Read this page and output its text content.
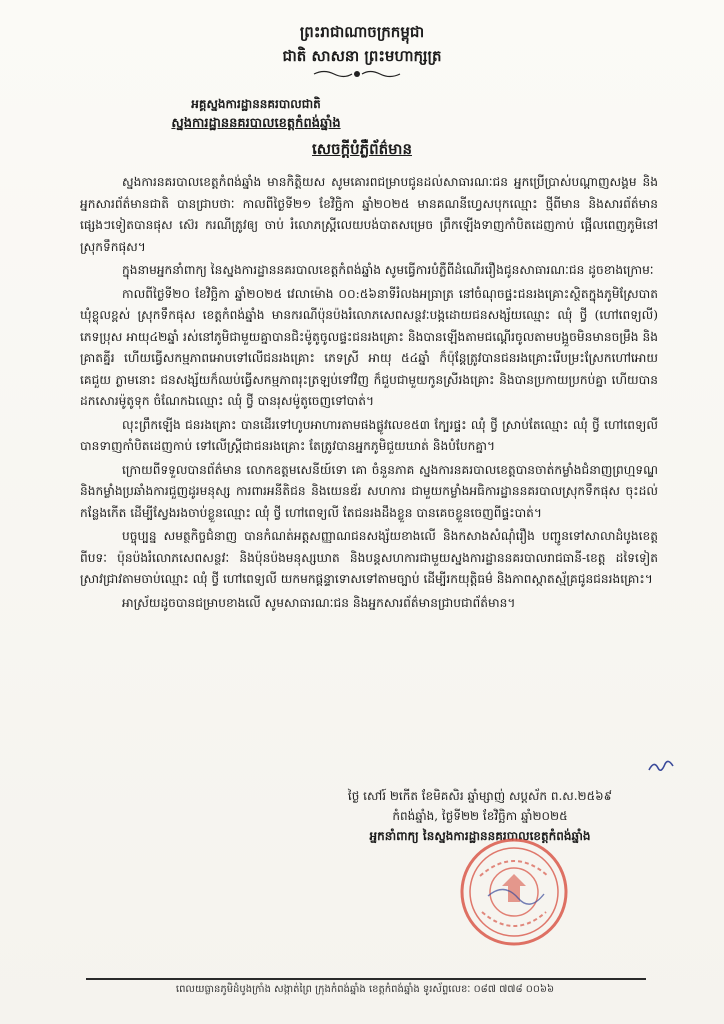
ព្រះរាជាណាចក្រកម្ពុជា
ជាតិ សាសនា ព្រះមហាក្សត្រ
អគ្គស្នងការដ្ឋាននគរបាលជាតិ
ស្នងការដ្ឋាននគរបាលខេត្តកំពង់ឆ្នាំង
សេចក្តីបំភ្លឺព័ត៌មាន

ស្នងការនគរបាលខេត្តកំពង់ឆ្នាំង មានកិត្តិយស សូមគោរពជម្រាបជូនដល់សាធារណៈជន អ្នកប្រើប្រាស់បណ្តាញសង្គម និងអ្នកសារព័ត៌មានជាតិ បានជ្រាបថាៈ កាលពីថ្ងៃទី២១ ខែវិច្ឆិកា ឆ្នាំ២០២៥ មានគណនីហ្វេសបុកឈ្មោះ ថ្មីពីមាន និងសារព័ត៌មានផ្សេងៗទៀតបានផុស ស៊េរ ករណីត្រូវឲ្យ ចាប់ រំលោភស្ត្រីលេយបង់បាតសម្រេច ព្រឹកឡើងទាញកាំបិតដេញកាប់ ផ្អើលពេញភូមិនៅស្រុកទឹកផុស។

ក្នុងនាមអ្នកនាំពាក្យ នៃស្នងការដ្ឋាននគរបាលខេត្តកំពង់ឆ្នាំង សូមធ្វើការបំភ្លឺពីដំណើររឿងជូនសាធារណៈជន ដូចខាងក្រោមៈ

កាលពីថ្ងៃទី២០ ខែវិច្ឆិកា ឆ្នាំ២០២៥ វេលាម៉ោង ០០:៥៦នាទីរំលងអធ្រាត្រ នៅចំណុចផ្ទះជនរងគ្រោះស្ថិតក្នុងភូមិស្រែបាត ឃុំខ្លុលខ្ពស់ ស្រុកទឹកផុស ខេត្តកំពង់ឆ្នាំង មានករណីប៉ុនប៉ងរំលោភសេពសន្ថវៈបង្កដោយជនសង្ស័យឈ្មោះ ឈុំ ថ្វី (ហៅពេទ្យលី) ភេទប្រុស អាយុ៤២ឆ្នាំ រស់នៅភូមិជាមួយគ្នាបានជិះម៉ូតូចូលផ្ទះជនរងគ្រោះ និងបានឡើងតាមជណ្តើរចូលតាមបង្អួចមិនមានចម្រឹង និងគ្រាតគ្នីរ ហើយធ្វើសកម្មភាពអោបទៅលើជនរងគ្រោះ ភេទស្រី អាយុ ៥៤ឆ្នាំ ក៏ប៉ុន្តែត្រូវបានជនរងគ្រោះរើបម្រះស្រែកហៅអោយគេជួយ ភ្លាមនោះ ជនសង្ស័យក៏ឈប់ធ្វើសកម្មភាពរុះត្រឡប់ទៅវិញ ក៏ជួបជាមួយកូនស្រីរងគ្រោះ និងបានប្រកាយប្រកប់គ្នា ហើយបានដកសោរម៉ូតូទុក ចំណែកឯឈ្មោះ ឈុំ ថ្វី បានរុសម៉ូតូចេញទៅបាត់។

លុះព្រឹកឡើង ជនរងគ្រោះ បានដើរទៅហូបអាហារតាមផងផ្លូវលេខ៥៣ ក្បែរផ្ទះ ឈុំ ថ្វី ស្រាប់តែឈ្មោះ ឈុំ ថ្វី ហៅពេទ្យលី បានទាញកាំបិតដេញកាប់ ទៅលើស្ត្រីជាជនរងគ្រោះ តែត្រូវបានអ្នកភូមិជួយឃាត់ និងបំបែកគ្នា។

ក្រោយពីទទួលបានព័ត៌មាន លោកឧត្តមសេនីយ៍ទោ គោ ចំនួនភាគ ស្នងការនគរបាលខេត្តបានចាត់កម្លាំងជំនាញព្រហ្មទណ្ឌ និងកម្លាំងប្រឆាំងការជួញដូរមនុស្ស ការពារអនីតិជន និងយេនឌ័រ សហការ ជាមួយកម្លាំងអធិការដ្ឋាននគរបាលស្រុកទឹកផុស ចុះដល់កន្លែងកើត ដើម្បីស្វែងរងចាប់ខ្លួនឈ្មោះ ឈុំ ថ្វី ហៅពេទ្យលី តែជនរងដឹងខ្លួន បានគេចខ្លួនចេញពីផ្ទះបាត់។

បច្ចុប្បន្ន សមត្ថកិច្ចជំនាញ បានកំណត់អត្តសញ្ញាណជនសង្ស័យខាងលើ និងកសាងសំណុំរឿង បញ្ជូនទៅសាលាដំបូងខេត្ត ពីបទៈ ប៉ុនប៉ងរំលោភសេពសន្ថវៈ និងប៉ុនប៉ងមនុស្សឃាត និងបន្តសហការជាមួយស្នងការដ្ឋាននគរបាលរាជធានី-ខេត្ត ដទៃទៀត ស្រាវជ្រាវតាមចាប់ឈ្មោះ ឈុំ ថ្វី ហៅពេទ្យលី យកមកផ្តន្ទាទោសទៅតាមច្បាប់ ដើម្បីរកយុត្តិធម៌ និងភាពស្កាតស្ម័គ្រជូនជនរងគ្រោះ។

អាស្រ័យដូចបានជម្រាបខាងលើ សូមសាធារណៈជន និងអ្នកសារព័ត៌មានជ្រាបជាព័ត៌មាន។

ថ្ងៃ សៅរ៍ ២កើត ខែមិគសិរ ឆ្នាំម្សាញ់ សប្តស័ក ព.ស.២៥៦៩
កំពង់ឆ្នាំង, ថ្ងៃទី២២ ខែវិច្ឆិកា ឆ្នាំ២០២៥
អ្នកនាំពាក្យ នៃស្នងការដ្ឋាននគរបាលខេត្តកំពង់ឆ្នាំង
ពេលយធ្លានភូមិដំបូងក្រាំង សង្កាត់ព្រៃ ក្រុងកំពង់ឆ្នាំង ខេត្តកំពង់ឆ្នាំង ទូរស័ព្ទលេខៈ ០៨៧ ៧៧៨ ០០៦៦
